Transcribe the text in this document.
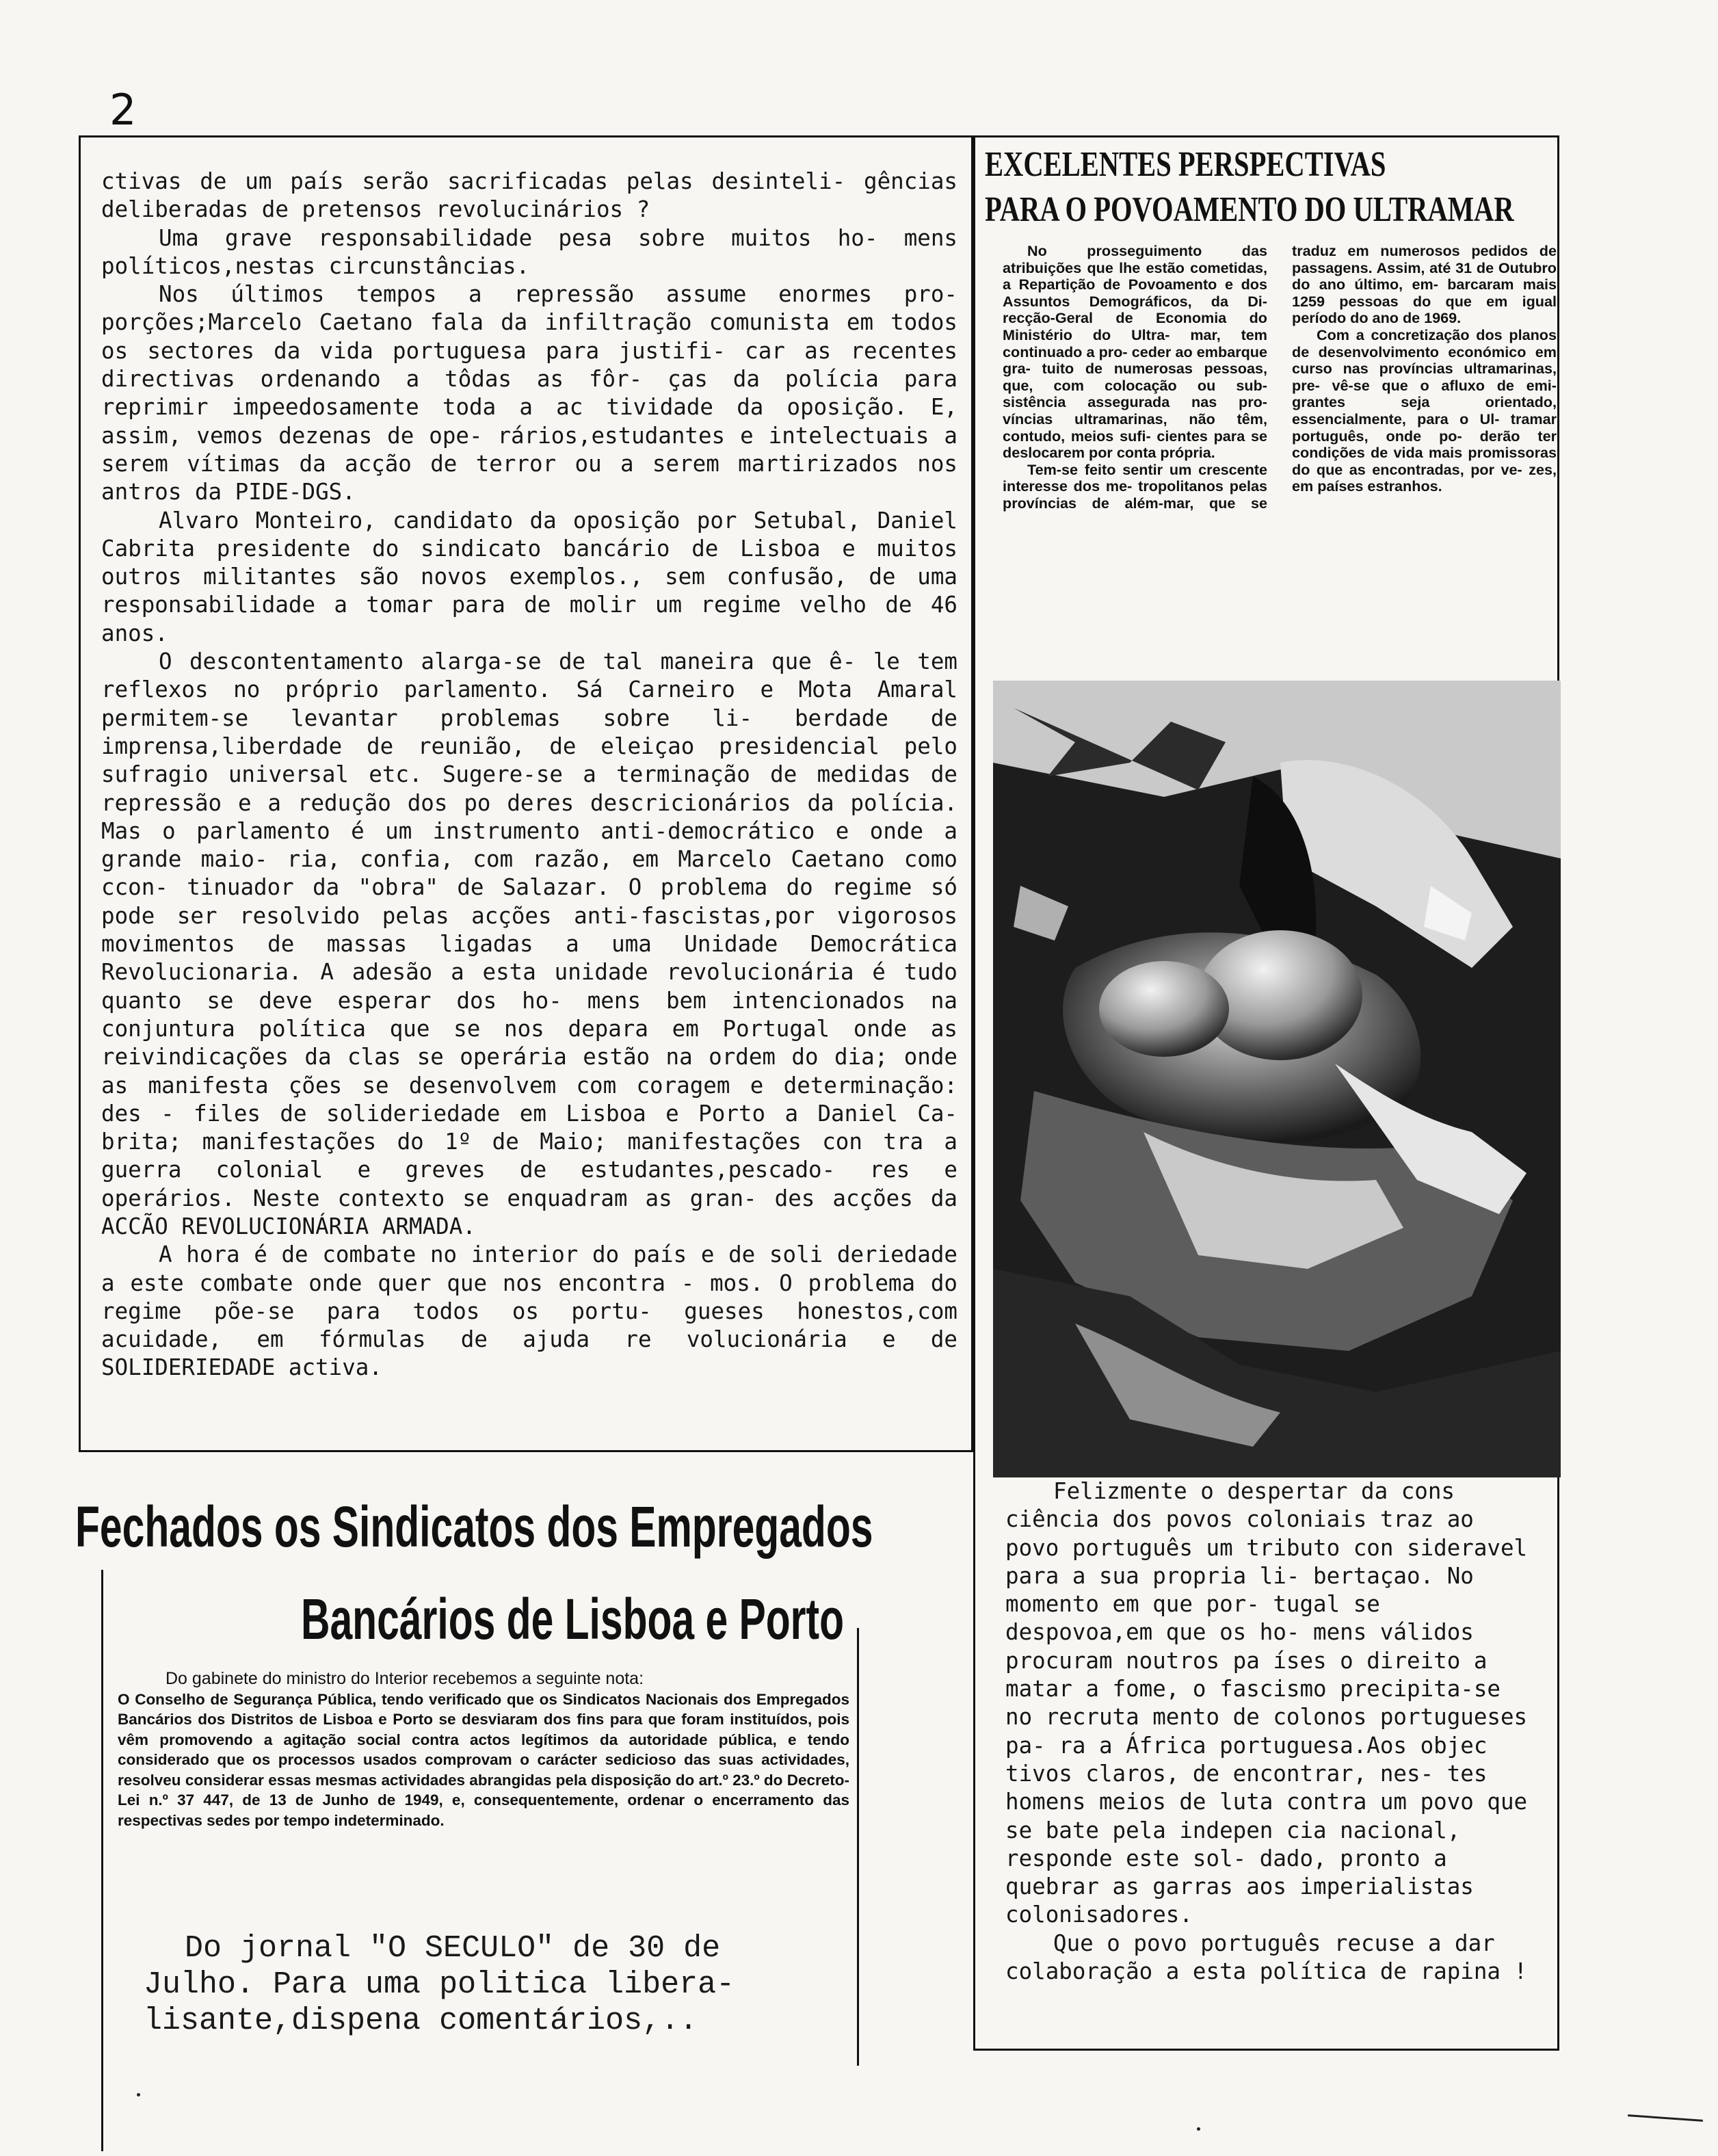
2

ctivas de um país serão sacrificadas pelas desinteli- gências deliberadas de pretensos revolucinários ?

Uma grave responsabilidade pesa sobre muitos ho- mens políticos,nestas circunstâncias.

Nos últimos tempos a repressão assume enormes pro- porções;Marcelo Caetano fala da infiltração comunista em todos os sectores da vida portuguesa para justifi- car as recentes directivas ordenando a tôdas as fôr- ças da polícia para reprimir impeedosamente toda a ac tividade da oposição. E, assim, vemos dezenas de ope- rários,estudantes e intelectuais a serem vítimas da acção de terror ou a serem martirizados nos antros da PIDE-DGS.

Alvaro Monteiro, candidato da oposição por Setubal, Daniel Cabrita presidente do sindicato bancário de Lisboa e muitos outros militantes são novos exemplos., sem confusão, de uma responsabilidade a tomar para de molir um regime velho de 46 anos.

O descontentamento alarga-se de tal maneira que ê- le tem reflexos no próprio parlamento. Sá Carneiro e Mota Amaral permitem-se levantar problemas sobre li- berdade de imprensa,liberdade de reunião, de eleiçao presidencial pelo sufragio universal etc. Sugere-se a terminação de medidas de repressão e a redução dos po deres descricionários da polícia. Mas o parlamento é um instrumento anti-democrático e onde a grande maio- ria, confia, com razão, em Marcelo Caetano como ccon- tinuador da "obra" de Salazar. O problema do regime só pode ser resolvido pelas acções anti-fascistas,por vigorosos movimentos de massas ligadas a uma Unidade Democrática Revolucionaria. A adesão a esta unidade revolucionária é tudo quanto se deve esperar dos ho- mens bem intencionados na conjuntura política que se nos depara em Portugal onde as reivindicações da clas se operária estão na ordem do dia; onde as manifesta ções se desenvolvem com coragem e determinação: des - files de solideriedade em Lisboa e Porto a Daniel Ca- brita; manifestações do 1º de Maio; manifestações con tra a guerra colonial e greves de estudantes,pescado- res e operários. Neste contexto se enquadram as gran- des acções da ACCÃO REVOLUCIONÁRIA ARMADA.

A hora é de combate no interior do país e de soli deriedade a este combate onde quer que nos encontra - mos. O problema do regime põe-se para todos os portu- gueses honestos,com acuidade, em fórmulas de ajuda re volucionária e de SOLIDERIEDADE activa.

EXCELENTES PERSPECTIVAS
PARA O POVOAMENTO DO ULTRAMAR

No prosseguimento das atribuições que lhe estão cometidas, a Repartição de Povoamento e dos Assuntos Demográficos, da Di- recção-Geral de Economia do Ministério do Ultra- mar, tem continuado a pro- ceder ao embarque gra- tuito de numerosas pessoas, que, com colocação ou sub- sistência assegurada nas pro- víncias ultramarinas, não têm, contudo, meios sufi- cientes para se deslocarem por conta própria.

Tem-se feito sentir um crescente interesse dos me- tropolitanos pelas províncias de além-mar, que se traduz em numerosos pedidos de passagens. Assim, até 31 de Outubro do ano último, em- barcaram mais 1259 pessoas do que em igual período do ano de 1969.

Com a concretização dos planos de desenvolvimento económico em curso nas províncias ultramarinas, pre- vê-se que o afluxo de emi- grantes seja orientado, essencialmente, para o Ul- tramar português, onde po- derão ter condições de vida mais promissoras do que as encontradas, por ve- zes, em países estranhos.

Felizmente o despertar da cons ciência dos povos coloniais traz ao povo português um tributo con sideravel para a sua propria li- bertaçao. No momento em que por- tugal se despovoa,em que os ho- mens válidos procuram noutros pa íses o direito a matar a fome, o fascismo precipita-se no recruta mento de colonos portugueses pa- ra a África portuguesa.Aos objec tivos claros, de encontrar, nes- tes homens meios de luta contra um povo que se bate pela indepen cia nacional, responde este sol- dado, pronto a quebrar as garras aos imperialistas colonisadores.

Que o povo português recuse a dar colaboração a esta política de rapina !

Fechados os Sindicatos dos Empregados
Bancários de Lisboa e Porto
Do gabinete do ministro do Interior recebemos a seguinte nota:
O Conselho de Segurança Pública, tendo verificado que os Sindicatos Nacionais dos Empregados Bancários dos Distritos de Lisboa e Porto se desviaram dos fins para que foram instituídos, pois vêm promovendo a agitação social contra actos legítimos da autoridade pública, e tendo considerado que os processos usados comprovam o carácter sedicioso das suas actividades, resolveu considerar essas mesmas actividades abrangidas pela disposição do art.º 23.º do Decreto-Lei n.º 37 447, de 13 de Junho de 1949, e, consequentemente, ordenar o encerramento das respectivas sedes por tempo indeterminado.
Do jornal "O SECULO" de 30 de
Julho. Para uma politica libera-
lisante,dispena comentários,..
